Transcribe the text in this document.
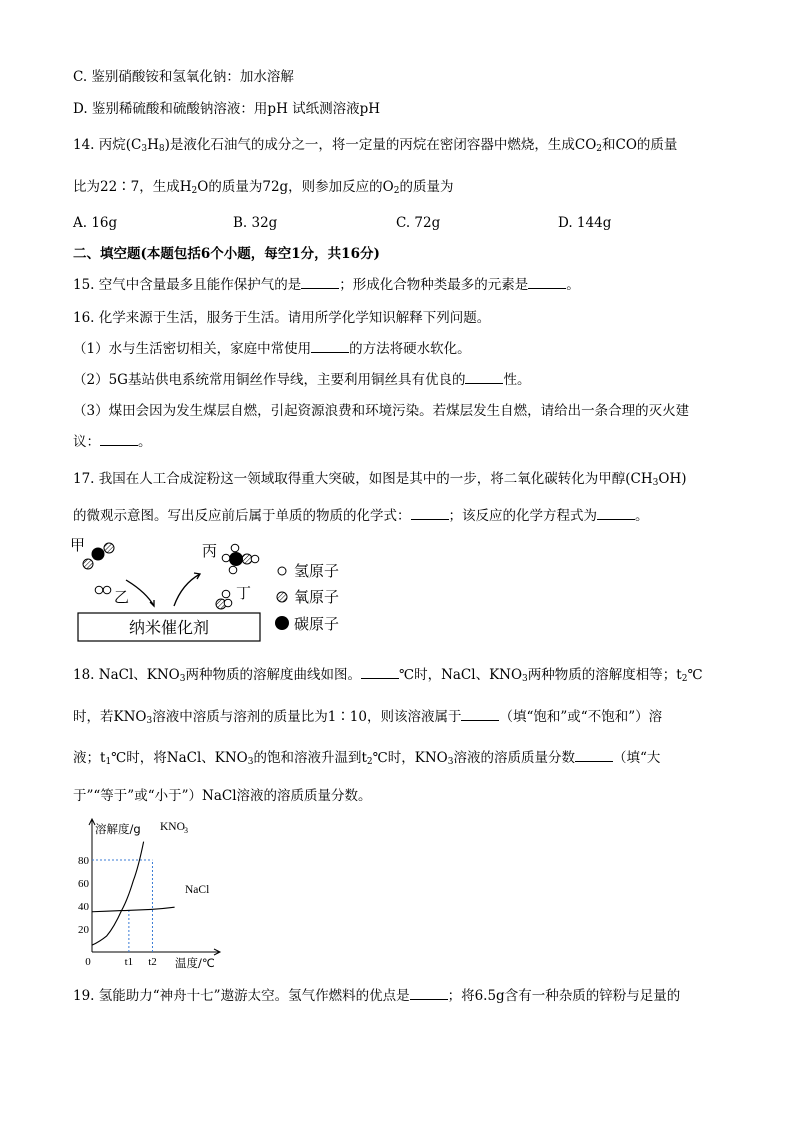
C. 鉴别硝酸铵和氢氧化钠：加水溶解
D. 鉴别稀硫酸和硫酸钠溶液：用pH 试纸测溶液pH
14. 丙烷$(C_3H_8)$是液化石油气的成分之一，将一定量的丙烷在密闭容器中燃烧，生成$CO_2$和CO的质量
比为22∶7，生成$H_2O$的质量为72g，则参加反应的$O_2$的质量为
A. 16g	B. 32g	C. 72g	D. 144g
二、填空题(本题包括6个小题，每空1分，共16分)
15. 空气中含量最多且能作保护气的是	；形成化合物种类最多的元素是	。
16. 化学来源于生活，服务于生活。请用所学化学知识解释下列问题。
（1）水与生活密切相关，家庭中常使用	的方法将硬水软化。
（2）5G基站供电系统常用铜丝作导线，主要利用铜丝具有优良的	性。
（3）煤田会因为发生煤层自燃，引起资源浪费和环境污染。若煤层发生自燃，请给出一条合理的灭火建
议：	。
17. 我国在人工合成淀粉这一领域取得重大突破，如图是其中的一步，将二氧化碳转化为甲醇$(CH_3OH)$
的微观示意图。写出反应前后属于单质的物质的化学式：	；该反应的化学方程式为	。
甲
乙
丙
丁
纳米催化剂
氢原子
氧原子
碳原子
18. NaCl、$KNO_3$两种物质的溶解度曲线如图。	℃时，NaCl、$KNO_3$两种物质的溶解度相等；$t_2℃$
时，若$KNO_3$溶液中溶质与溶剂的质量比为1∶10，则该溶液属于	（填“饱和”或“不饱和”）溶
液；$t_1℃$时，将NaCl、$KNO_3$的饱和溶液升温到$t_2℃$时，$KNO_3$溶液的溶质质量分数	（填“大
于”“等于”或“小于”）NaCl溶液的溶质质量分数。
80
60
40
20
溶解度/g
温度/℃
0	t1 t2
KNO 3
NaCl
19. 氢能助力“神舟十七”遨游太空。氢气作燃料的优点是	；将6.5g含有一种杂质的锌粉与足量的
